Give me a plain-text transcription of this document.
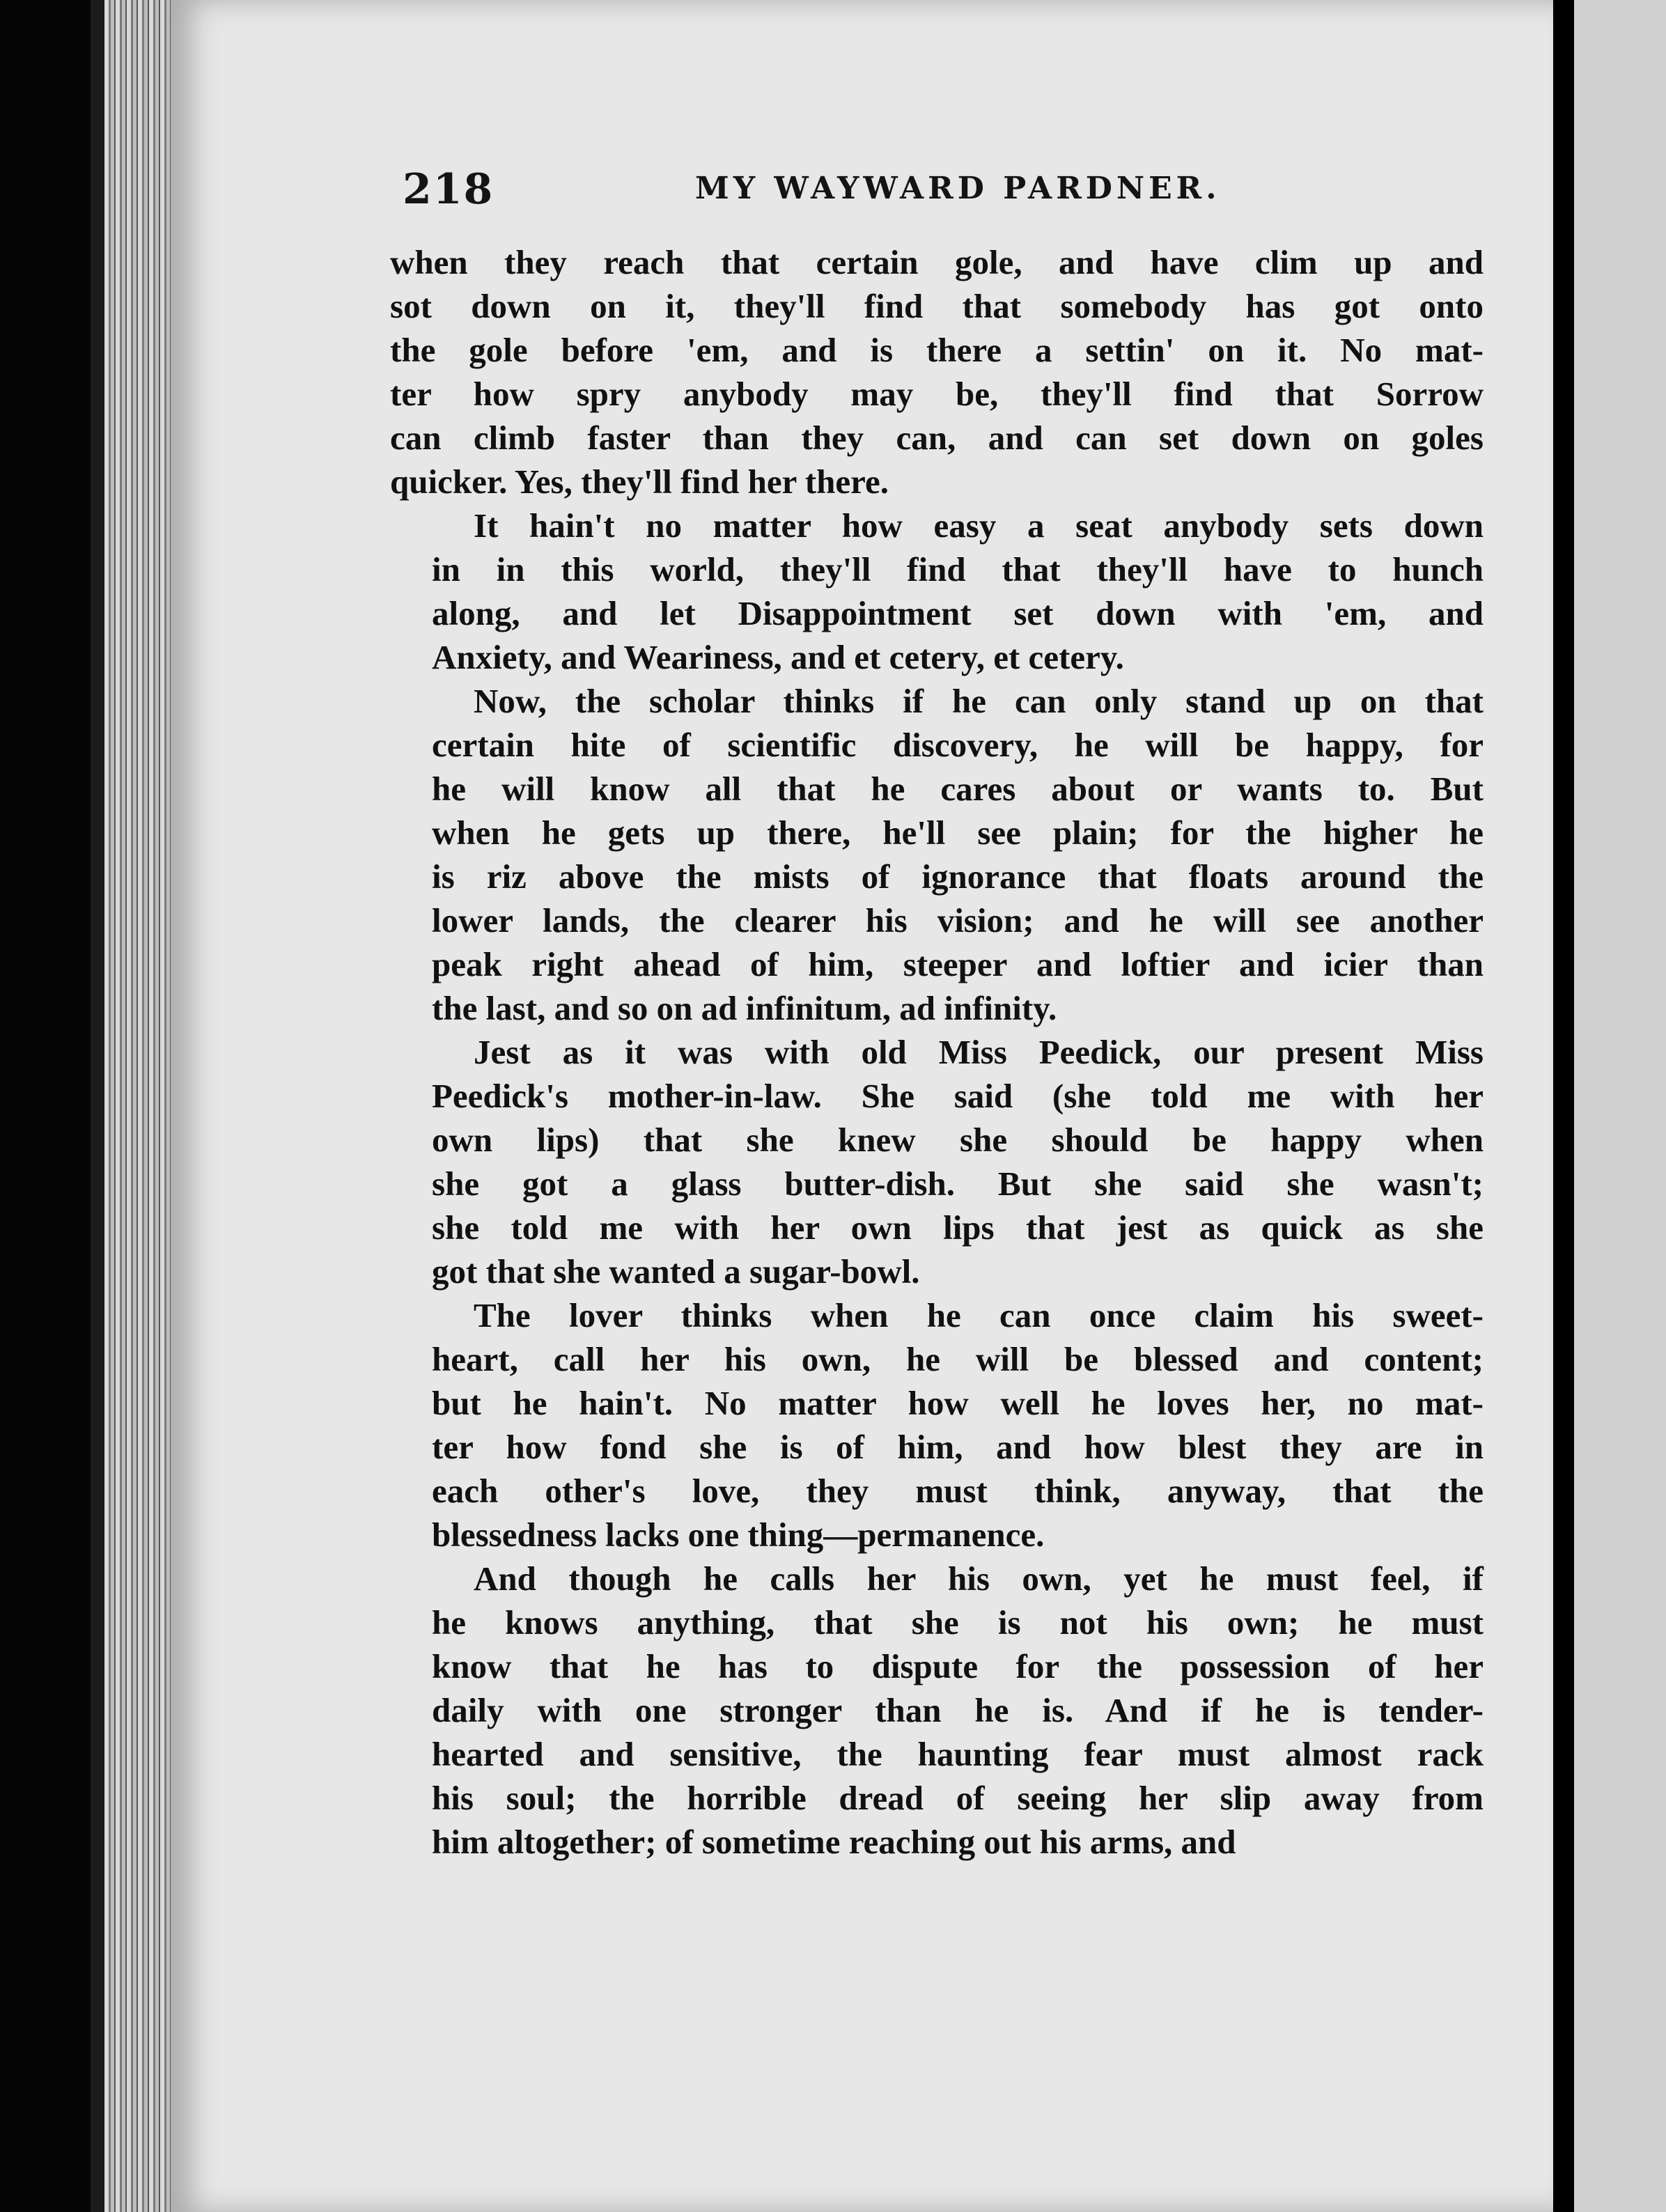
218	MY WAYWARD PARDNER.
when they reach that certain gole, and have clim up and
sot down on it, they'll find that somebody has got onto
the gole before 'em, and is there a settin' on it. No mat-
ter how spry anybody may be, they'll find that Sorrow
can climb faster than they can, and can set down on goles
quicker. Yes, they'll find her there.
It hain't no matter how easy a seat anybody sets down
in in this world, they'll find that they'll have to hunch
along, and let Disappointment set down with 'em, and
Anxiety, and Weariness, and et cetery, et cetery.
Now, the scholar thinks if he can only stand up on that
certain hite of scientific discovery, he will be happy, for
he will know all that he cares about or wants to. But
when he gets up there, he'll see plain; for the higher he
is riz above the mists of ignorance that floats around the
lower lands, the clearer his vision; and he will see another
peak right ahead of him, steeper and loftier and icier than
the last, and so on ad infinitum, ad infinity.
Jest as it was with old Miss Peedick, our present Miss
Peedick's mother-in-law. She said (she told me with her
own lips) that she knew she should be happy when
she got a glass butter-dish. But she said she wasn't;
she told me with her own lips that jest as quick as she
got that she wanted a sugar-bowl.
The lover thinks when he can once claim his sweet-
heart, call her his own, he will be blessed and content;
but he hain't. No matter how well he loves her, no mat-
ter how fond she is of him, and how blest they are in
each other's love, they must think, anyway, that the
blessedness lacks one thing—permanence.
And though he calls her his own, yet he must feel, if
he knows anything, that she is not his own; he must
know that he has to dispute for the possession of her
daily with one stronger than he is. And if he is tender-
hearted and sensitive, the haunting fear must almost rack
his soul; the horrible dread of seeing her slip away from
him altogether; of sometime reaching out his arms, and
